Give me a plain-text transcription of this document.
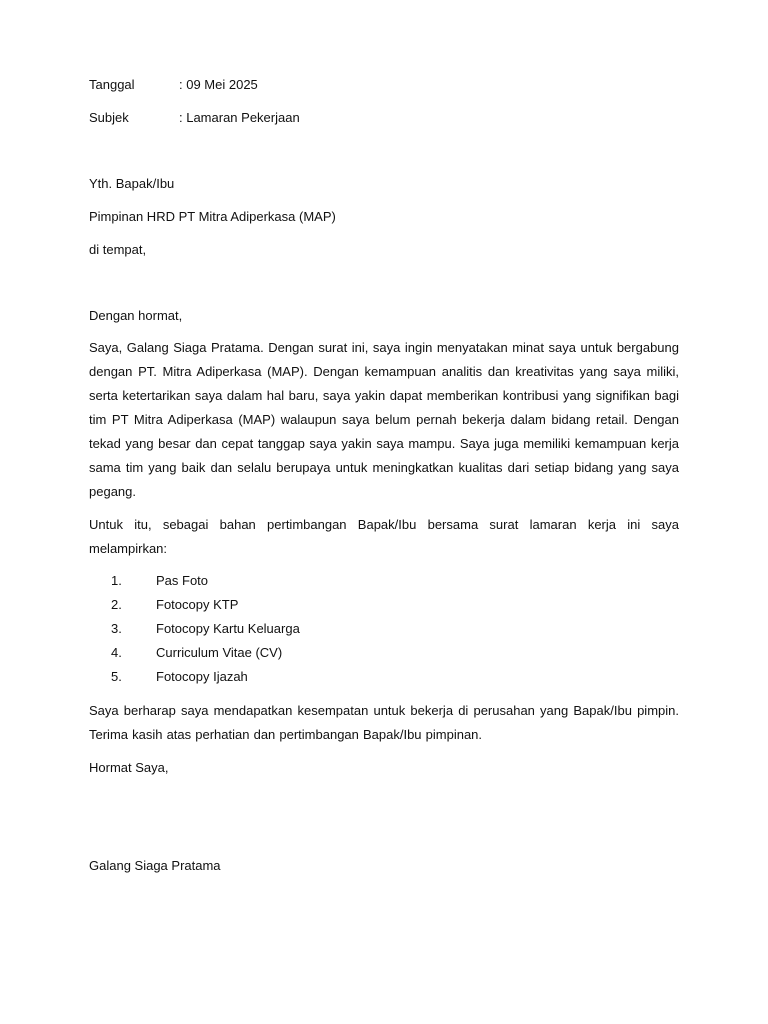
Tanggal	: 09 Mei 2025
Subjek	: Lamaran Pekerjaan
Yth. Bapak/Ibu
Pimpinan HRD PT Mitra Adiperkasa (MAP)
di tempat,
Dengan hormat,
Saya, Galang Siaga Pratama. Dengan surat ini, saya ingin menyatakan minat saya untuk bergabung dengan PT. Mitra Adiperkasa (MAP). Dengan kemampuan analitis dan kreativitas yang saya miliki, serta ketertarikan saya dalam hal baru, saya yakin dapat memberikan kontribusi yang signifikan bagi tim PT Mitra Adiperkasa (MAP) walaupun saya belum pernah bekerja dalam bidang retail. Dengan tekad yang besar dan cepat tanggap saya yakin saya mampu. Saya juga memiliki kemampuan kerja sama tim yang baik dan selalu berupaya untuk meningkatkan kualitas dari setiap bidang yang saya pegang.
Untuk itu, sebagai bahan pertimbangan Bapak/Ibu bersama surat lamaran kerja ini saya melampirkan:
1.	Pas Foto
2.	Fotocopy KTP
3.	Fotocopy Kartu Keluarga
4.	Curriculum Vitae (CV)
5.	Fotocopy Ijazah
Saya berharap saya mendapatkan kesempatan untuk bekerja di perusahan yang Bapak/Ibu pimpin. Terima kasih atas perhatian dan pertimbangan Bapak/Ibu pimpinan.
Hormat Saya,
Galang Siaga Pratama
